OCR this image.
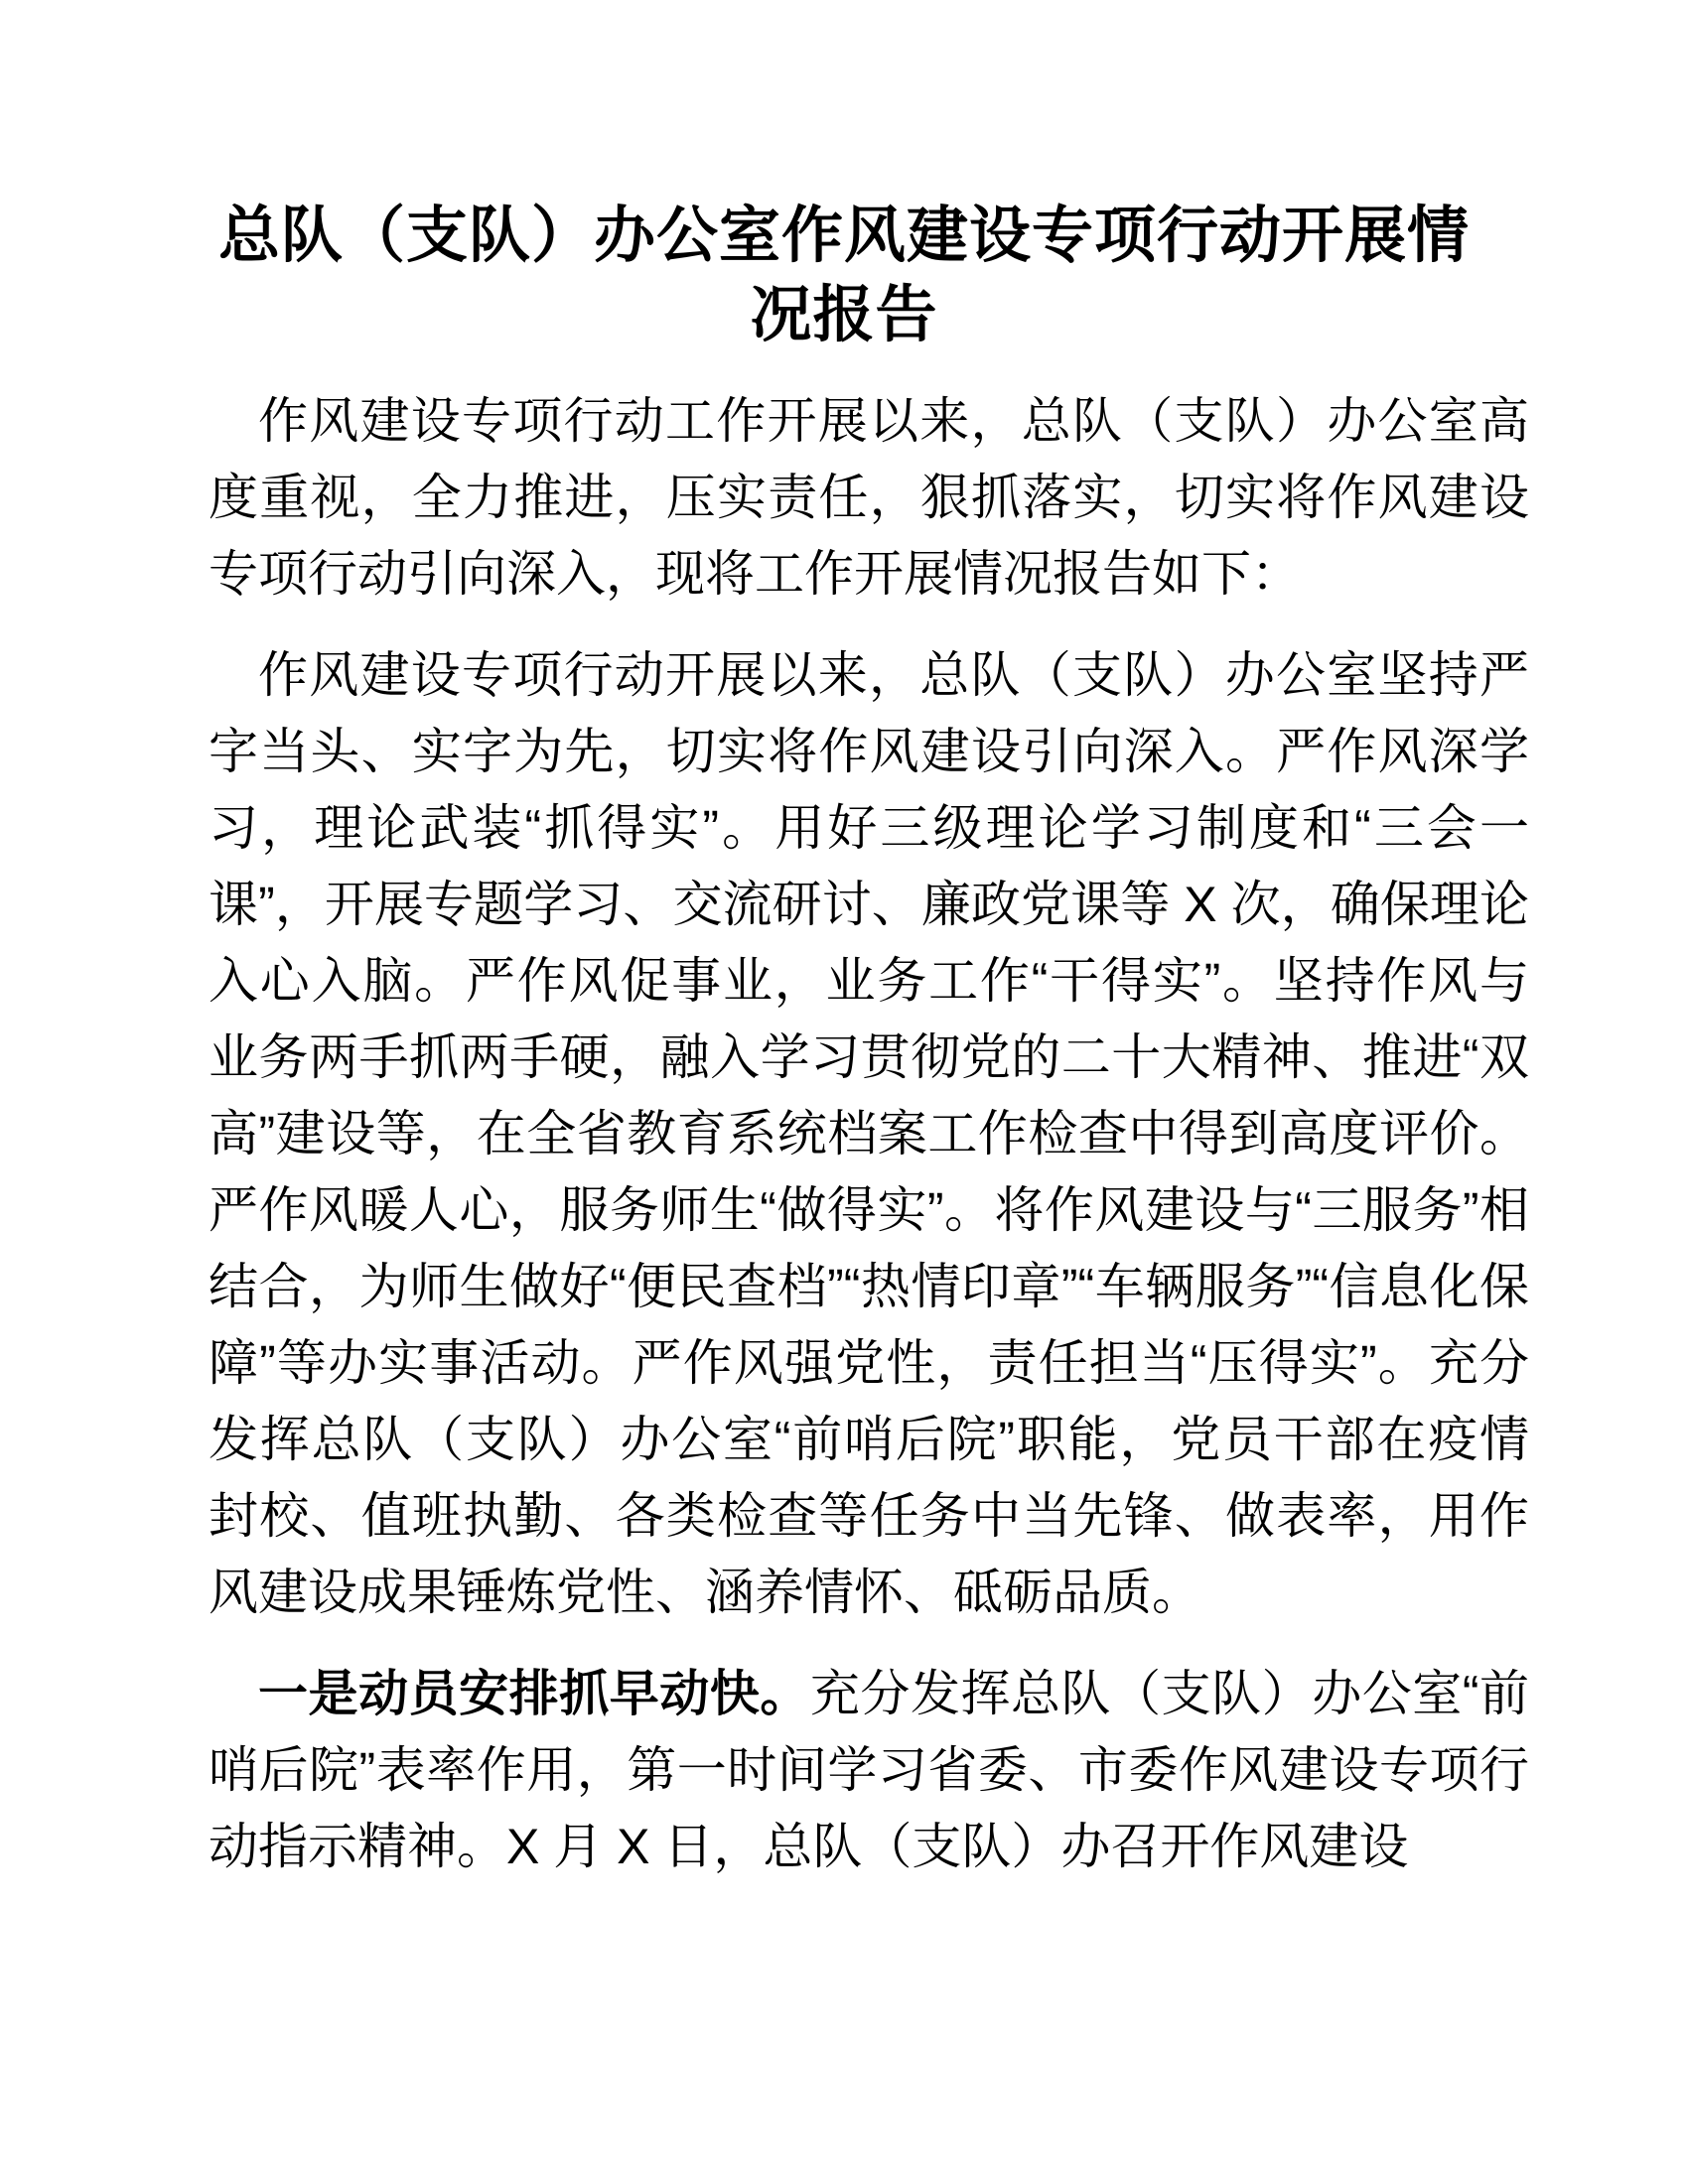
总队（支队）办公室作风建设专项行动开展情
况报告

作风建设专项行动工作开展以来，总队（支队）办公室高度重视，全力推进，压实责任，狠抓落实，切实将作风建设专项行动引向深入，现将工作开展情况报告如下：

作风建设专项行动开展以来，总队（支队）办公室坚持严字当头、实字为先，切实将作风建设引向深入。严作风深学习，理论武装“抓得实”。用好三级理论学习制度和“三会一课”，开展专题学习、交流研讨、廉政党课等 X 次，确保理论入心入脑。严作风促事业，业务工作“干得实”。坚持作风与业务两手抓两手硬，融入学习贯彻党的二十大精神、推进“双高”建设等，在全省教育系统档案工作检查中得到高度评价。严作风暖人心，服务师生“做得实”。将作风建设与“三服务”相结合，为师生做好“便民查档”“热情印章”“车辆服务”“信息化保障”等办实事活动。严作风强党性，责任担当“压得实”。充分发挥总队（支队）办公室“前哨后院”职能，党员干部在疫情封校、值班执勤、各类检查等任务中当先锋、做表率，用作风建设成果锤炼党性、涵养情怀、砥砺品质。

一是动员安排抓早动快。充分发挥总队（支队）办公室“前哨后院”表率作用，第一时间学习省委、市委作风建设专项行动指示精神。X 月 X 日，总队（支队）办召开作风建设
